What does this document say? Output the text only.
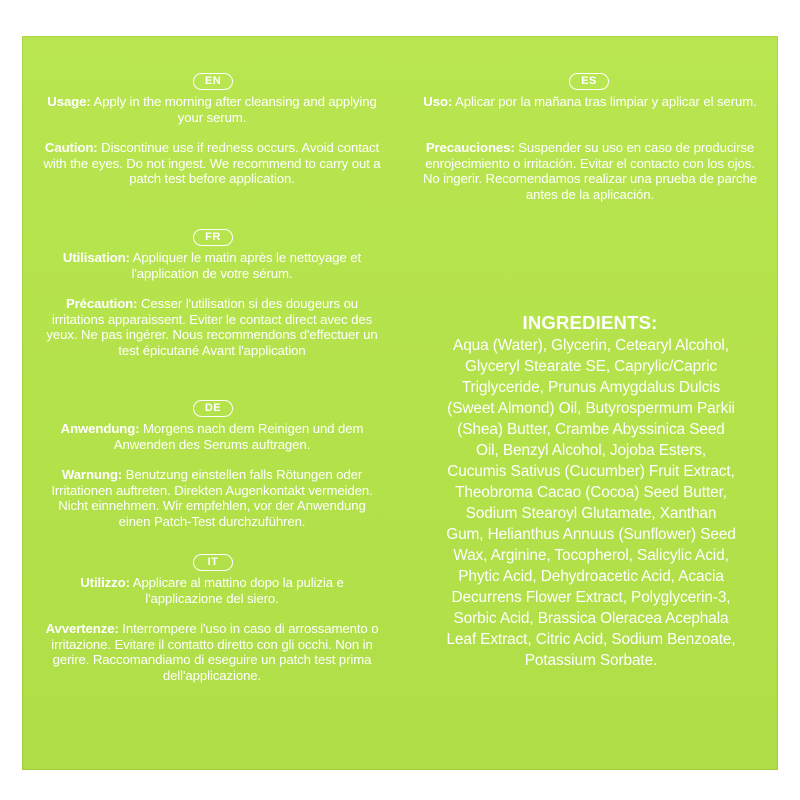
EN
Usage: Apply in the morning after cleansing and applying your serum.
Caution: Discontinue use if redness occurs. Avoid contact with the eyes. Do not ingest. We recommend to carry out a patch test before application.
FR
Utilisation: Appliquer le matin après le nettoyage et l'application de votre sérum.
Précaution: Cesser l'utilisation si des dougeurs ou irritations apparaissent. Eviter le contact direct avec des yeux. Ne pas ingérer. Nous recommendons d'effectuer un test épicutané Avant l'application
DE
Anwendung: Morgens nach dem Reinigen und dem Anwenden des Serums auftragen.
Warnung: Benutzung einstellen falls Rötungen oder Irritationen auftreten. Direkten Augenkontakt vermeiden. Nicht einnehmen. Wir empfehlen, vor der Anwendung einen Patch-Test durchzuführen.
IT
Utilizzo: Applicare al mattino dopo la pulizia e l'applicazione del siero.
Avvertenze: Interrompere l'uso in caso di arrossamento o irritazione. Evitare il contatto diretto con gli occhi. Non in gerire. Raccomandiamo di eseguire un patch test prima dell'applicazione.
ES
Uso: Aplicar por la mañana tras limpiar y aplicar el serum.
Precauciones: Suspender su uso en caso de producirse enrojecimiento o irritación. Evitar el contacto con los ojos. No ingerir. Recomendamos realizar una prueba de parche antes de la aplicación.
INGREDIENTS:
Aqua (Water), Glycerin, Cetearyl Alcohol, Glyceryl Stearate SE, Caprylic/Capric Triglyceride, Prunus Amygdalus Dulcis (Sweet Almond) Oil, Butyrospermum Parkii (Shea) Butter, Crambe Abyssinica Seed Oil, Benzyl Alcohol, Jojoba Esters, Cucumis Sativus (Cucumber) Fruit Extract, Theobroma Cacao (Cocoa) Seed Butter, Sodium Stearoyl Glutamate, Xanthan Gum, Helianthus Annuus (Sunflower) Seed Wax, Arginine, Tocopherol, Salicylic Acid, Phytic Acid, Dehydroacetic Acid, Acacia Decurrens Flower Extract, Polyglycerin-3, Sorbic Acid, Brassica Oleracea Acephala Leaf Extract, Citric Acid, Sodium Benzoate, Potassium Sorbate.
